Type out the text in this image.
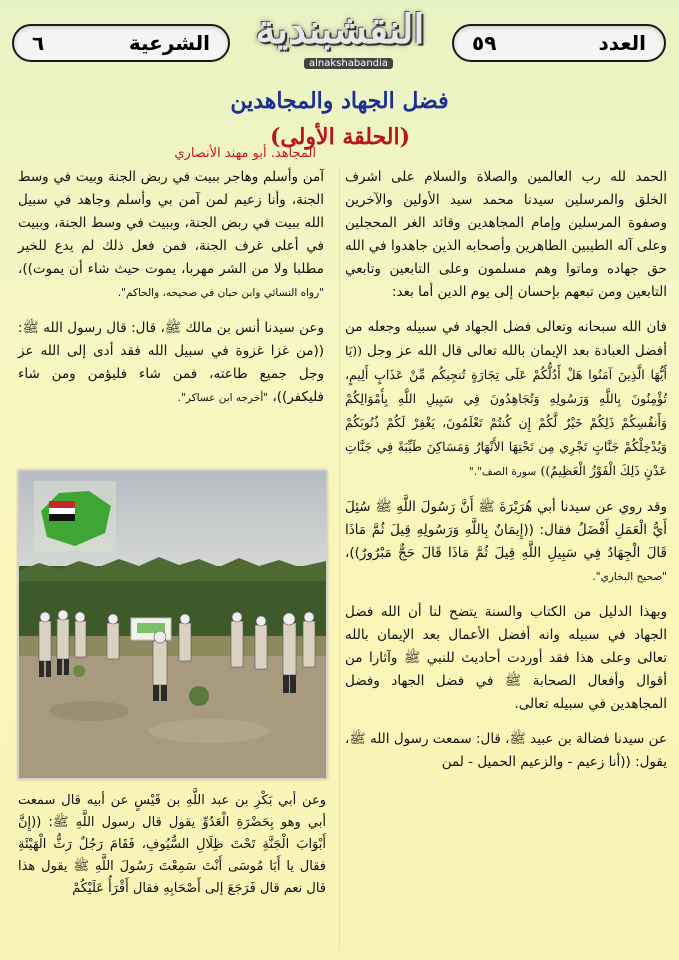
الشرعية
٦	النقشبندية
alnakshabandia
العدد
٥٩
فضل الجهاد والمجاهدين
(الحلقة الأولى)
المجاهد. أبو مهند الأنصاري

الحمد لله رب العالمين والصلاة والسلام على اشرف الخلق والمرسلين سيدنا محمد سيد الأولين والآخرين وصفوة المرسلين وإمام المجاهدين وقائد الغر المحجلين وعلى آله الطيبين الطاهرين وأصحابه الذين جاهدوا في الله حق جهاده وماتوا وهم مسلمون وعلى التابعين وتابعي التابعين ومن تبعهم بإحسان إلى يوم الدين أما بعد:

فان الله سبحانه وتعالى فضل الجهاد في سبيله وجعله من أفضل العبادة بعد الإيمان بالله تعالى قال الله عز وجل ((يَا أَيُّهَا الَّذِينَ آمَنُوا هَلْ أَدُلُّكُمْ عَلَى تِجَارَةٍ تُنجِيكُم مِّنْ عَذَابٍ أَلِيمٍ، تُؤْمِنُونَ بِاللَّهِ وَرَسُولِهِ وَتُجَاهِدُونَ فِي سَبِيلِ اللَّهِ بِأَمْوَالِكُمْ وَأَنفُسِكُمْ ذَلِكُمْ خَيْرٌ لَّكُمْ إِن كُنتُمْ تَعْلَمُونَ، يَغْفِرْ لَكُمْ ذُنُوبَكُمْ وَيُدْخِلْكُمْ جَنَّاتٍ تَجْرِي مِن تَحْتِهَا الأَنْهَارُ وَمَسَاكِنَ طَيِّبَةً فِي جَنَّاتِ عَدْنٍ ذَلِكَ الْفَوْزُ الْعَظِيمُ)) سورة الصف"."

وقد روي عن سيدنا أبي هُرَيْرَةَ ﷺ أَنَّ رَسُولَ اللَّهِ ﷺ سُئِلَ أَيُّ الْعَمَلِ أَفْضَلُ فقال: ((إِيمَانٌ بِاللَّهِ وَرَسُولِهِ قِيلَ ثُمَّ مَاذَا قَالَ الْجِهَادُ فِي سَبِيلِ اللَّهِ قِيلَ ثُمَّ مَاذَا قَالَ حَجٌّ مَبْرُورٌ))، "صحيح البخاري".

وبهذا الدليل من الكتاب والسنة يتضح لنا أن الله فضل الجهاد في سبيله وانه أفضل الأعمال بعد الإيمان بالله تعالى وعلى هذا فقد أوردت أحاديث للنبي ﷺ وآثارا من أقوال وأفعال الصحابة ﷺ في فضل الجهاد وفضل المجاهدين في سبيله تعالى.

عن سيدنا فضالة بن عبيد ﷺ، قال: سمعت رسول الله ﷺ، يقول: ((أنا زعيم - والزعيم الحميل - لمن

آمن وأسلم وهاجر ببيت في ربض الجنة وبيت في وسط الجنة، وأنا زعيم لمن آمن بي وأسلم وجاهد في سبيل الله ببيت في ربض الجنة، وببيت في وسط الجنة، وببيت في أعلى غرف الجنة، فمن فعل ذلك لم يدع للخير مطلبا ولا من الشر مهربا، يموت حيث شاء أن يموت))، "رواه النسائي وابن حبان في صحيحه، والحاكم".

وعن سيدنا أنس بن مالك ﷺ، قال: قال رسول الله ﷺ: ((من غزا غزوة في سبيل الله فقد أدى إلى الله عز وجل جميع طاعته، فمن شاء فليؤمن ومن شاء فليكفر))، "أخرجه ابن عساكر".

وعن أبي بَكْرِ بن عبد اللَّهِ بن قَيْسٍ عن أبيه قال سمعت أبي وهو بِحَضْرَةِ الْعَدُوِّ يقول قال رسول اللَّهِ ﷺ: ((إِنَّ أَبْوَابَ الْجَنَّةِ تَحْتَ ظِلَالِ السُّيُوفِ، فَقَامَ رَجُلٌ رَثُّ الْهَيْئَةِ فقال يا أَبَا مُوسَى أَنْتَ سَمِعْتَ رَسُولَ اللَّهِ ﷺ يقول هذا قال نعم قال فَرَجَعَ إلى أَصْحَابِهِ فقال أَقْرَأُ عَلَيْكُمْ
